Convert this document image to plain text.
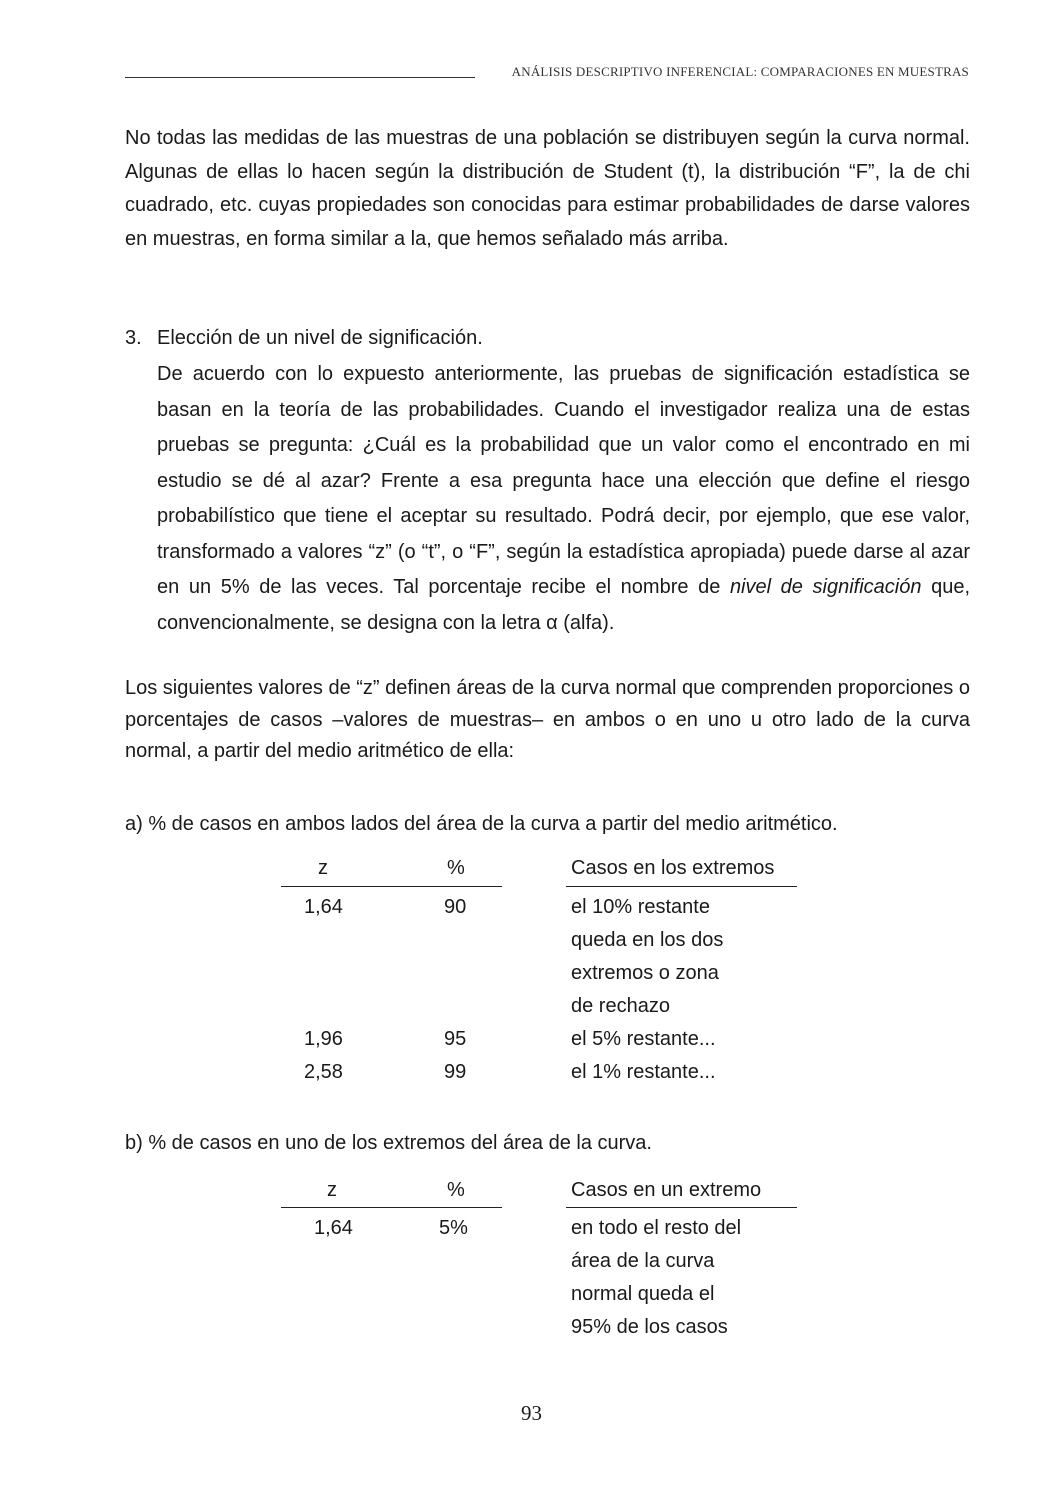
ANÁLISIS DESCRIPTIVO INFERENCIAL: COMPARACIONES EN MUESTRAS

No todas las medidas de las muestras de una población se distribuyen según la curva normal. Algunas de ellas lo hacen según la distribución de Student (t), la distribución “F”, la de chi cuadrado, etc. cuyas propiedades son conocidas para estimar probabilidades de darse valores en muestras, en forma similar a la, que hemos señalado más arriba.

3. Elección de un nivel de significación.

De acuerdo con lo expuesto anteriormente, las pruebas de significación estadística se basan en la teoría de las probabilidades. Cuando el investigador realiza una de estas pruebas se pregunta: ¿Cuál es la probabilidad que un valor como el encontrado en mi estudio se dé al azar? Frente a esa pregunta hace una elección que define el riesgo probabilístico que tiene el aceptar su resultado. Podrá decir, por ejemplo, que ese valor, transformado a valores “z” (o “t”, o “F”, según la estadística apropiada) puede darse al azar en un 5% de las veces. Tal porcentaje recibe el nombre de nivel de significación que, convencionalmente, se designa con la letra α (alfa).

Los siguientes valores de “z” definen áreas de la curva normal que comprenden proporciones o porcentajes de casos –valores de muestras– en ambos o en uno u otro lado de la curva normal, a partir del medio aritmético de ella:

a) % de casos en ambos lados del área de la curva a partir del medio aritmético.

z	%	Casos en los extremos
1,64	90	el 10% restante
queda en los dos
extremos o zona
de rechazo
1,96	95	el 5% restante...
2,58	99	el 1% restante...

b) % de casos en uno de los extremos del área de la curva.

z	%	Casos en un extremo
1,64	5%	en todo el resto del
área de la curva
normal queda el
95% de los casos
93
